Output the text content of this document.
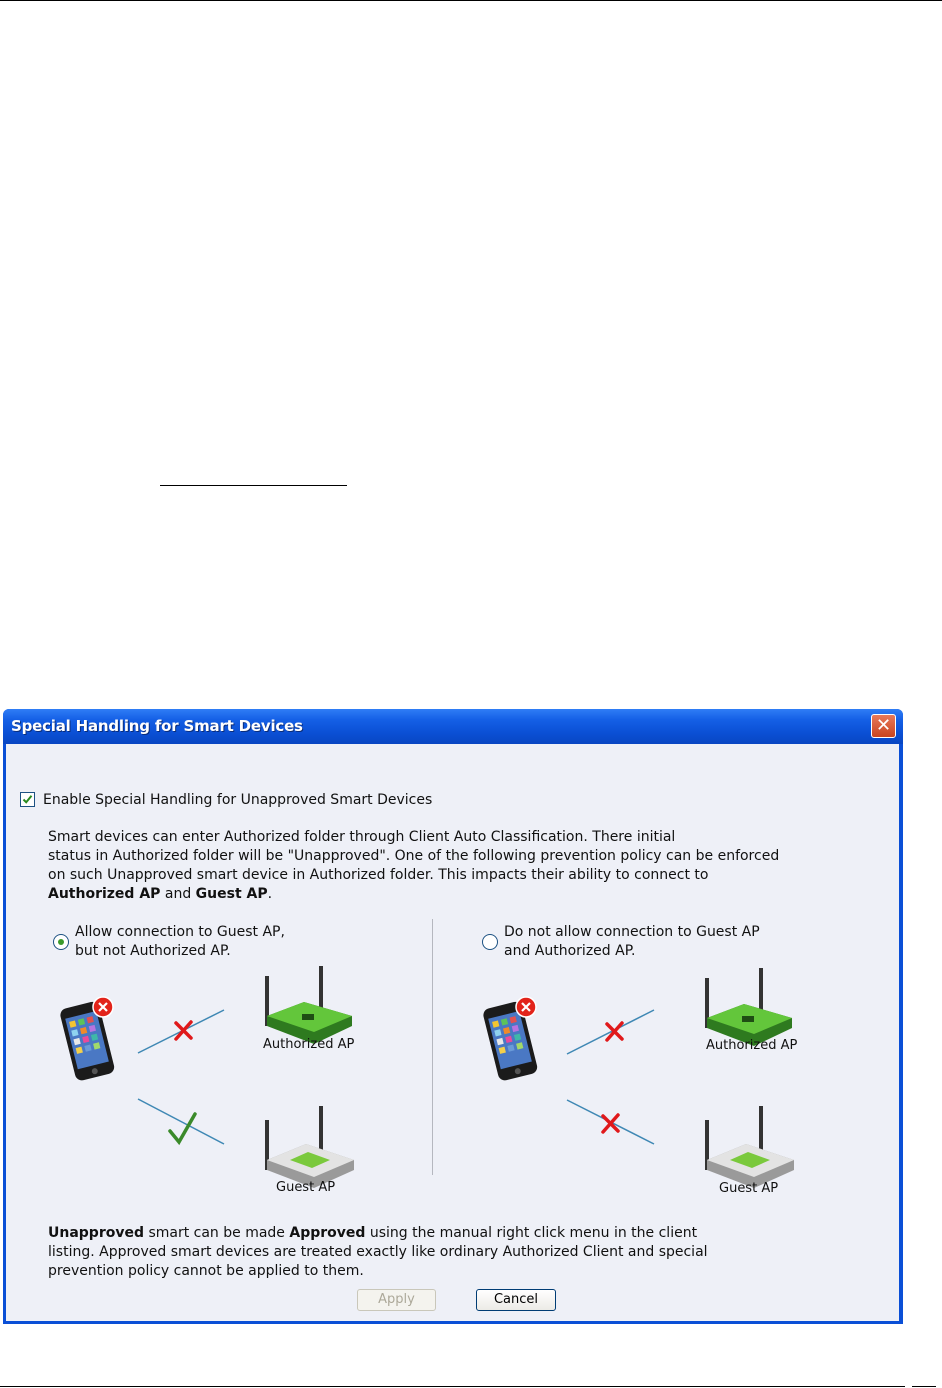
Special Handling for Smart Devices	✕
Enable Special Handling for Unapproved Smart Devices
Smart devices can enter Authorized folder through Client Auto Classification. There initial
status in Authorized folder will be "Unapproved". One of the following prevention policy can be enforced
on such Unapproved smart device in Authorized folder. This impacts their ability to connect to
Authorized AP and Guest AP.
Allow connection to Guest AP,
but not Authorized AP.
Do not allow connection to Guest AP
and Authorized AP.
Authorized AP
Guest AP
Authorized AP
Guest AP
Unapproved smart can be made Approved using the manual right click menu in the client
listing. Approved smart devices are treated exactly like ordinary Authorized Client and special
prevention policy cannot be applied to them.
Apply	Cancel
